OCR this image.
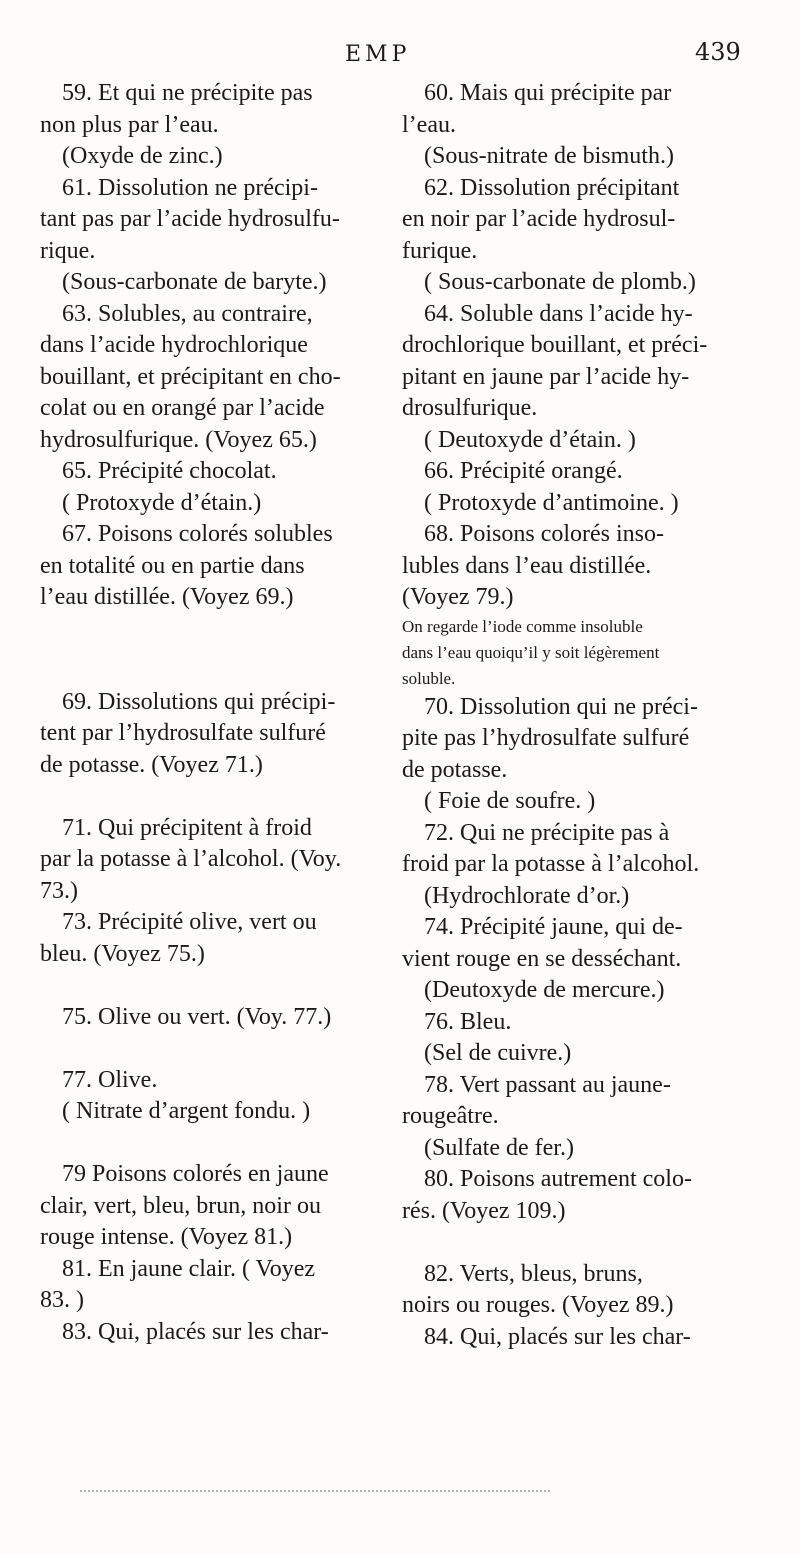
EMP	439
59. Et qui ne précipite pas
non plus par l’eau.
(Oxyde de zinc.)
61. Dissolution ne précipi-
tant pas par l’acide hydrosulfu-
rique.
(Sous-carbonate de baryte.)
63. Solubles, au contraire,
dans l’acide hydrochlorique
bouillant, et précipitant en cho-
colat ou en orangé par l’acide
hydrosulfurique. (Voyez 65.)
65. Précipité chocolat.
( Protoxyde d’étain.)
67. Poisons colorés solubles
en totalité ou en partie dans
l’eau distillée. (Voyez 69.)
69. Dissolutions qui précipi-
tent par l’hydrosulfate sulfuré
de potasse. (Voyez 71.)
71. Qui précipitent à froid
par la potasse à l’alcohol. (Voy.
73.)
73. Précipité olive, vert ou
bleu. (Voyez 75.)
75. Olive ou vert. (Voy. 77.)
77. Olive.
( Nitrate d’argent fondu. )
79 Poisons colorés en jaune
clair, vert, bleu, brun, noir ou
rouge intense. (Voyez 81.)
81. En jaune clair. ( Voyez
83. )
83. Qui, placés sur les char-
60. Mais qui précipite par
l’eau.
(Sous-nitrate de bismuth.)
62. Dissolution précipitant
en noir par l’acide hydrosul-
furique.
( Sous-carbonate de plomb.)
64. Soluble dans l’acide hy-
drochlorique bouillant, et préci-
pitant en jaune par l’acide hy-
drosulfurique.
( Deutoxyde d’étain. )
66. Précipité orangé.
( Protoxyde d’antimoine. )
68. Poisons colorés inso-
lubles dans l’eau distillée.
(Voyez 79.)
On regarde l’iode comme insoluble
dans l’eau quoiqu’il y soit légèrement
soluble.
70. Dissolution qui ne préci-
pite pas l’hydrosulfate sulfuré
de potasse.
( Foie de soufre. )
72. Qui ne précipite pas à
froid par la potasse à l’alcohol.
(Hydrochlorate d’or.)
74. Précipité jaune, qui de-
vient rouge en se desséchant.
(Deutoxyde de mercure.)
76. Bleu.
(Sel de cuivre.)
78. Vert passant au jaune-
rougeâtre.
(Sulfate de fer.)
80. Poisons autrement colo-
rés. (Voyez 109.)
82. Verts, bleus, bruns,
noirs ou rouges. (Voyez 89.)
84. Qui, placés sur les char-
